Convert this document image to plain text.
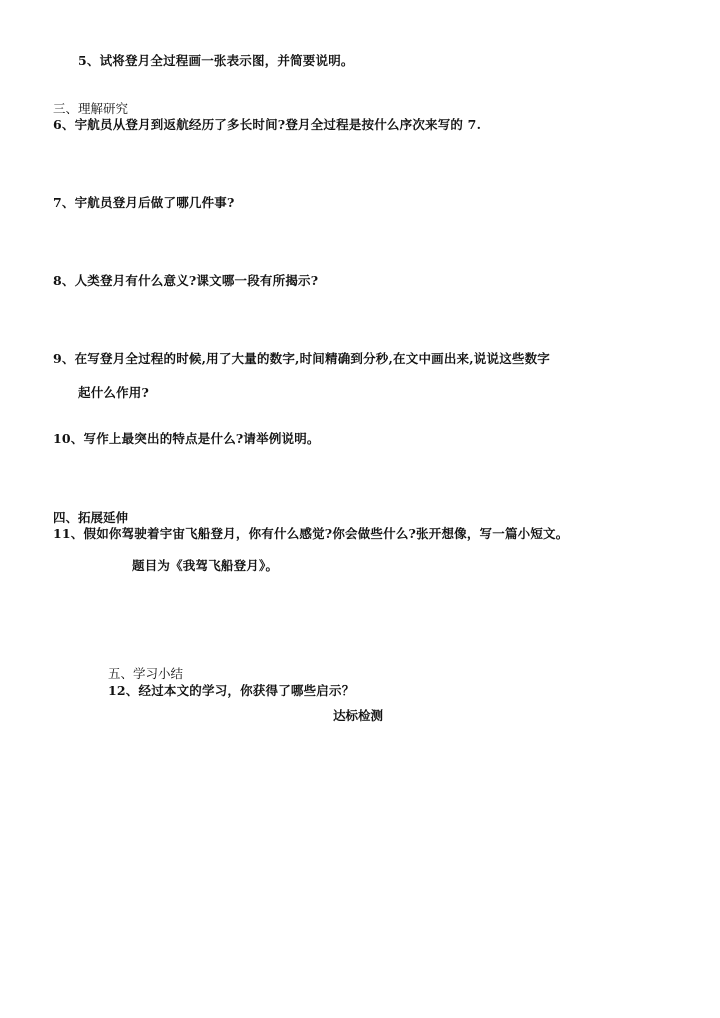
5、试将登月全过程画一张表示图，并简要说明。
三、理解研究
6、宇航员从登月到返航经历了多长时间?登月全过程是按什么序次来写的 7.
7、宇航员登月后做了哪几件事?
8、人类登月有什么意义?课文哪一段有所揭示?
9、在写登月全过程的时候,用了大量的数字,时间精确到分秒,在文中画出来,说说这些数字
起什么作用?
10、写作上最突出的特点是什么?请举例说明。
四、拓展延伸
11、假如你驾驶着宇宙飞船登月，你有什么感觉?你会做些什么?张开想像，写一篇小短文。
题目为《我驾飞船登月》。
五、学习小结
12、经过本文的学习，你获得了哪些启示？
达标检测
